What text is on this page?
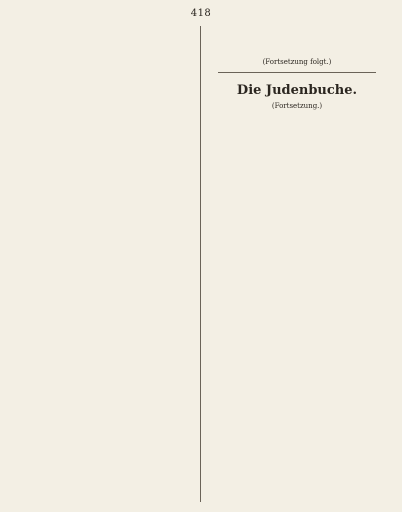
418

(Fortsetzung folgt.)
Die Judenbuche.
(Fortsetzung.)
